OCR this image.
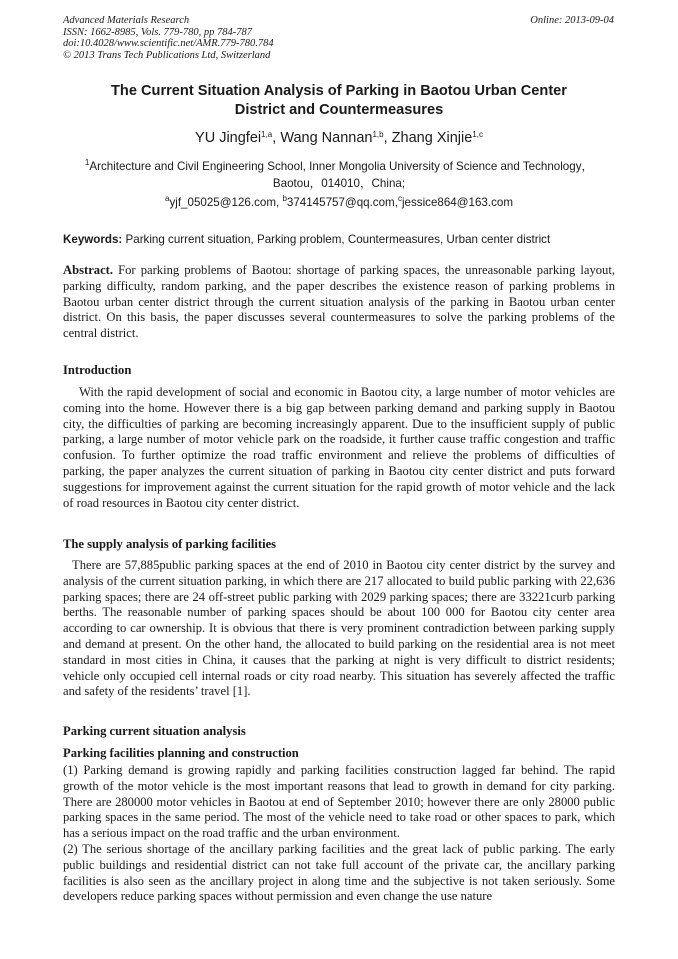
Advanced Materials Research
ISSN: 1662-8985, Vols. 779-780, pp 784-787
doi:10.4028/www.scientific.net/AMR.779-780.784
© 2013 Trans Tech Publications Ltd, Switzerland
Online: 2013-09-04
The Current Situation Analysis of Parking in Baotou Urban Center
District and Countermeasures
YU Jingfei$^{1,a}$, Wang Nannan$^{1,b}$, Zhang Xinjie$^{1,c}$
$^1$Architecture and Civil Engineering School, Inner Mongolia University of Science and Technology，
Baotou，014010，China;
$^a$yjf_05025@126.com, $^b$374145757@qq.com,$^c$jessice864@163.com
Keywords: Parking current situation, Parking problem, Countermeasures, Urban center district
Abstract. For parking problems of Baotou: shortage of parking spaces, the unreasonable parking layout, parking difficulty, random parking, and the paper describes the existence reason of parking problems in Baotou urban center district through the current situation analysis of the parking in Baotou urban center district. On this basis, the paper discusses several countermeasures to solve the parking problems of the central district.
Introduction
With the rapid development of social and economic in Baotou city, a large number of motor vehicles are coming into the home. However there is a big gap between parking demand and parking supply in Baotou city, the difficulties of parking are becoming increasingly apparent. Due to the insufficient supply of public parking, a large number of motor vehicle park on the roadside, it further cause traffic congestion and traffic confusion. To further optimize the road traffic environment and relieve the problems of difficulties of parking, the paper analyzes the current situation of parking in Baotou city center district and puts forward suggestions for improvement against the current situation for the rapid growth of motor vehicle and the lack of road resources in Baotou city center district.
The supply analysis of parking facilities
There are 57,885public parking spaces at the end of 2010 in Baotou city center district by the survey and analysis of the current situation parking, in which there are 217 allocated to build public parking with 22,636 parking spaces; there are 24 off-street public parking with 2029 parking spaces; there are 33221curb parking berths. The reasonable number of parking spaces should be about 100 000 for Baotou city center area according to car ownership. It is obvious that there is very prominent contradiction between parking supply and demand at present. On the other hand, the allocated to build parking on the residential area is not meet standard in most cities in China, it causes that the parking at night is very difficult to district residents; vehicle only occupied cell internal roads or city road nearby. This situation has severely affected the traffic and safety of the residents’ travel [1].
Parking current situation analysis
Parking facilities planning and construction
(1) Parking demand is growing rapidly and parking facilities construction lagged far behind. The rapid growth of the motor vehicle is the most important reasons that lead to growth in demand for city parking. There are 280000 motor vehicles in Baotou at end of September 2010; however there are only 28000 public parking spaces in the same period. The most of the vehicle need to take road or other spaces to park, which has a serious impact on the road traffic and the urban environment.
(2) The serious shortage of the ancillary parking facilities and the great lack of public parking. The early public buildings and residential district can not take full account of the private car, the ancillary parking facilities is also seen as the ancillary project in along time and the subjective is not taken seriously. Some developers reduce parking spaces without permission and even change the use nature
